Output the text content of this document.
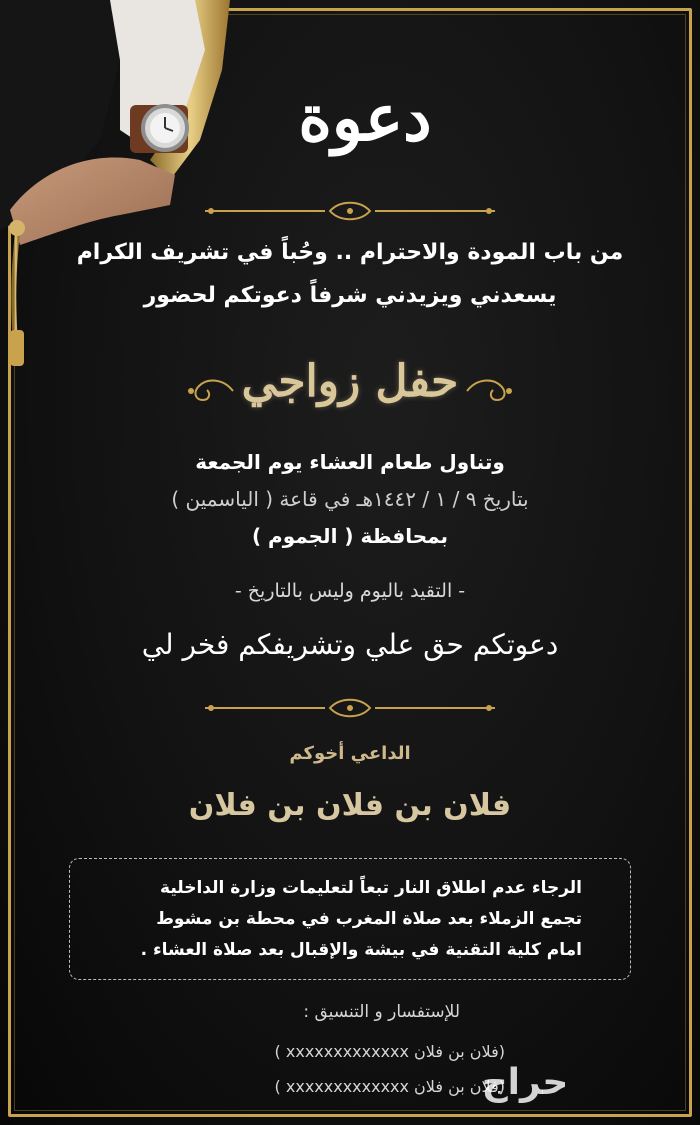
دعوة
من باب المودة والاحترام .. وحُباً في تشريف الكرام
يسعدني ويزيدني شرفاً دعوتكم لحضور
حفل زواجي
وتناول طعام العشاء يوم الجمعة
بتاريخ ٩ / ١ / ١٤٤٢هـ في قاعة ( الياسمين )
بمحافظة ( الجموم )
- التقيد باليوم وليس بالتاريخ -
دعوتكم حق علي وتشريفكم فخر لي
الداعي أخوكم
فلان بن فلان بن فلان
الرجاء عدم اطلاق النار تبعاً لتعليمات وزارة الداخلية
تجمع الزملاء بعد صلاة المغرب في محطة بن مشوط
امام كلية التقنية في بيشة والإقبال بعد صلاة العشاء .
للإستفسار و التنسيق :
(فلان بن فلان xxxxxxxxxxxxx )
(فلان بن فلان xxxxxxxxxxxxx )
حراج
